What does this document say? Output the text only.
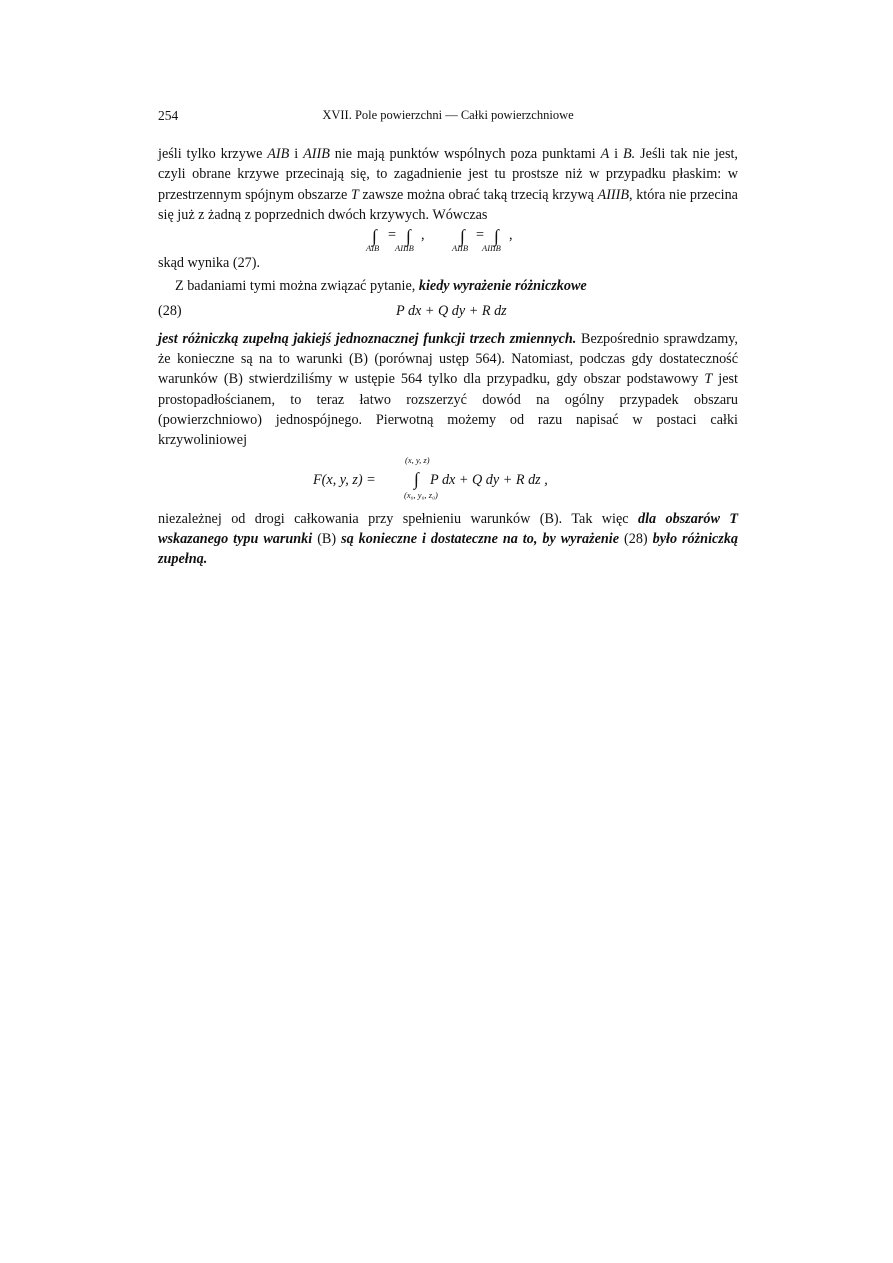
254	XVII. Pole powierzchni — Całki powierzchniowe

jeśli tylko krzywe AIB i AIIB nie mają punktów wspólnych poza punktami A i B. Jeśli tak nie jest, czyli obrane krzywe przecinają się, to zagadnienie jest tu prostsze niż w przypadku płaskim: w przestrzennym spójnym obszarze T zawsze można obrać taką trzecią krzywą AIIIB, która nie przecina się już z żadną z poprzednich dwóch krzywych. Wówczas

∫ = ∫ ,
AIB AIIIB
∫ = ∫ ,
AIIB AIIIB

skąd wynika (27).

Z badaniami tymi można związać pytanie, kiedy wyrażenie różniczkowe

(28)	P dx + Q dy + R dz

jest różniczką zupełną jakiejś jednoznacznej funkcji trzech zmiennych. Bezpośrednio sprawdzamy, że konieczne są na to warunki (B) (porównaj ustęp 564). Natomiast, podczas gdy dostateczność warunków (B) stwierdziliśmy w ustępie 564 tylko dla przypadku, gdy obszar podstawowy T jest prostopadłościanem, to teraz łatwo rozszerzyć dowód na ogólny przypadek obszaru (powierzchniowo) jednospójnego. Pierwotną możemy od razu napisać w postaci całki krzywoliniowej

(x, y, z)
F(x, y, z) = ∫ P dx + Q dy + R dz ,
(x₀, y₀, z₀)

niezależnej od drogi całkowania przy spełnieniu warunków (B). Tak więc dla obszarów T wskazanego typu warunki (B) są konieczne i dostateczne na to, by wyrażenie (28) było różniczką zupełną.
